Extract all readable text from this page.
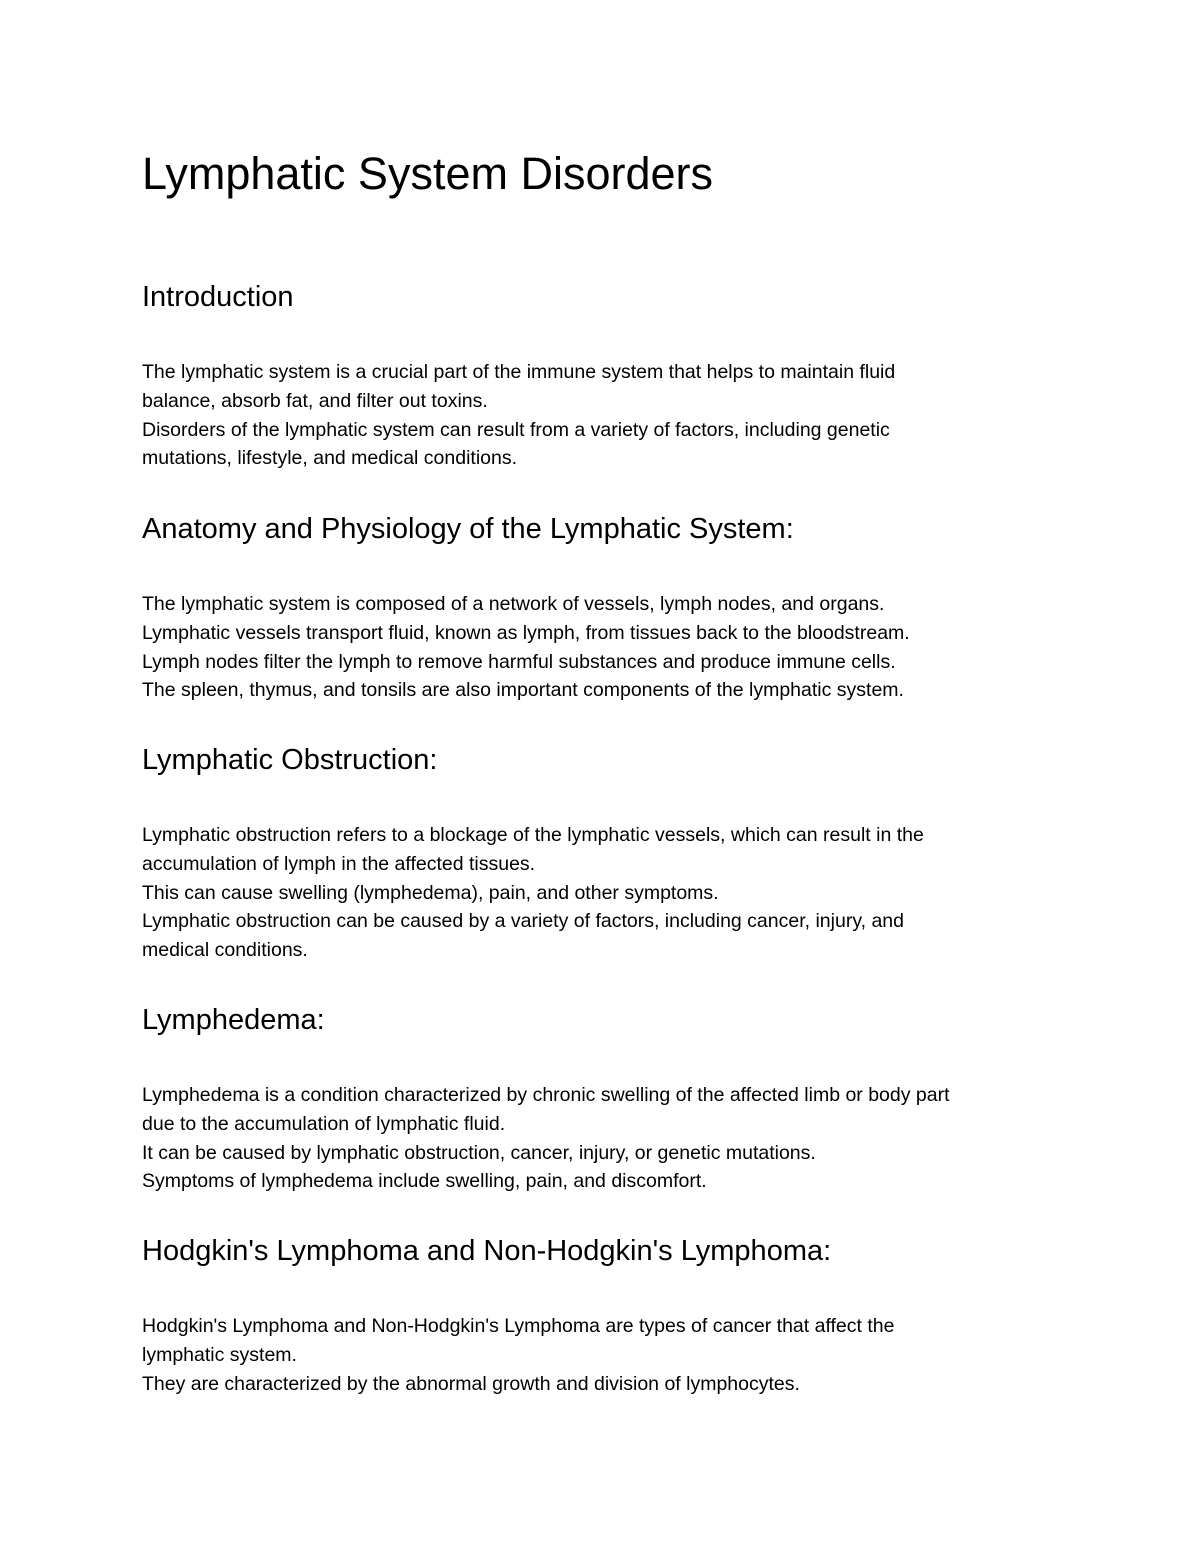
Lymphatic System Disorders
Introduction
The lymphatic system is a crucial part of the immune system that helps to maintain fluid
balance, absorb fat, and filter out toxins.
Disorders of the lymphatic system can result from a variety of factors, including genetic
mutations, lifestyle, and medical conditions.
Anatomy and Physiology of the Lymphatic System:
The lymphatic system is composed of a network of vessels, lymph nodes, and organs.
Lymphatic vessels transport fluid, known as lymph, from tissues back to the bloodstream.
Lymph nodes filter the lymph to remove harmful substances and produce immune cells.
The spleen, thymus, and tonsils are also important components of the lymphatic system.
Lymphatic Obstruction:
Lymphatic obstruction refers to a blockage of the lymphatic vessels, which can result in the
accumulation of lymph in the affected tissues.
This can cause swelling (lymphedema), pain, and other symptoms.
Lymphatic obstruction can be caused by a variety of factors, including cancer, injury, and
medical conditions.
Lymphedema:
Lymphedema is a condition characterized by chronic swelling of the affected limb or body part
due to the accumulation of lymphatic fluid.
It can be caused by lymphatic obstruction, cancer, injury, or genetic mutations.
Symptoms of lymphedema include swelling, pain, and discomfort.
Hodgkin's Lymphoma and Non-Hodgkin's Lymphoma:
Hodgkin's Lymphoma and Non-Hodgkin's Lymphoma are types of cancer that affect the
lymphatic system.
They are characterized by the abnormal growth and division of lymphocytes.
